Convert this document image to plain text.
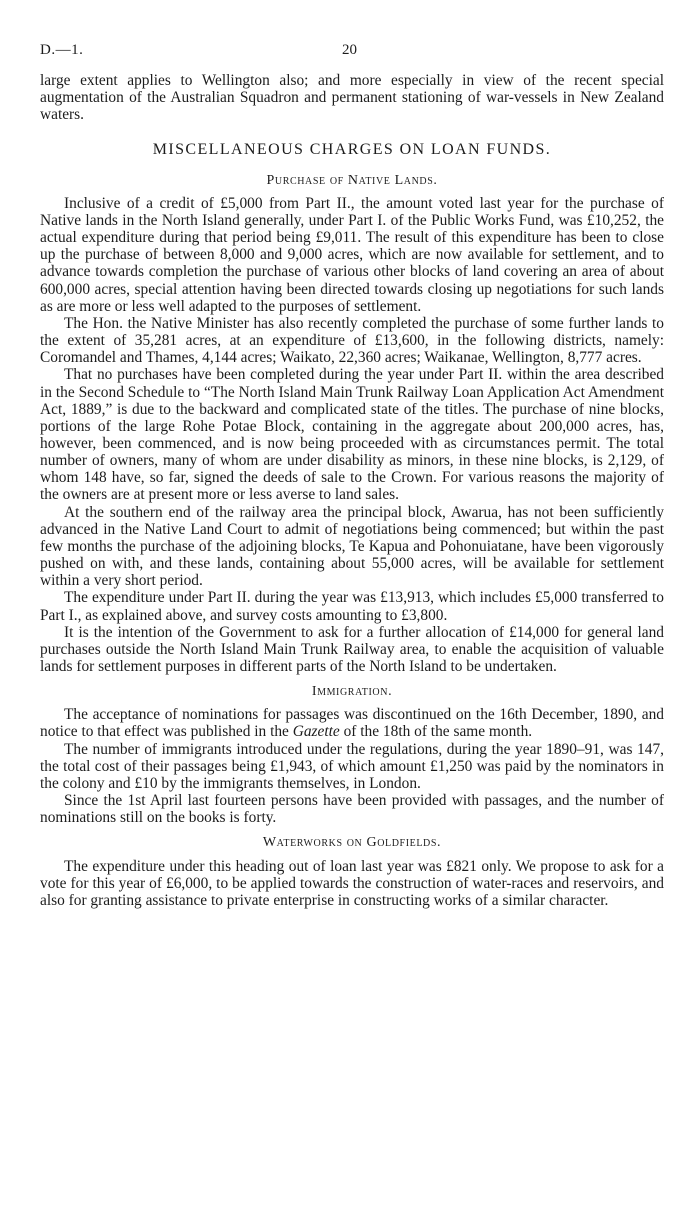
D.—1.	20

large extent applies to Wellington also; and more especially in view of the recent special augmentation of the Australian Squadron and permanent stationing of war-vessels in New Zealand waters.

MISCELLANEOUS CHARGES ON LOAN FUNDS.
Purchase of Native Lands.

Inclusive of a credit of £5,000 from Part II., the amount voted last year for the purchase of Native lands in the North Island generally, under Part I. of the Public Works Fund, was £10,252, the actual expenditure during that period being £9,011. The result of this expenditure has been to close up the purchase of between 8,000 and 9,000 acres, which are now available for settlement, and to advance towards completion the purchase of various other blocks of land covering an area of about 600,000 acres, special attention having been directed towards closing up negotiations for such lands as are more or less well adapted to the purposes of settlement.

The Hon. the Native Minister has also recently completed the purchase of some further lands to the extent of 35,281 acres, at an expenditure of £13,600, in the following districts, namely: Coromandel and Thames, 4,144 acres; Waikato, 22,360 acres; Waikanae, Wellington, 8,777 acres.

That no purchases have been completed during the year under Part II. within the area described in the Second Schedule to “The North Island Main Trunk Railway Loan Application Act Amendment Act, 1889,” is due to the backward and complicated state of the titles. The purchase of nine blocks, portions of the large Rohe Potae Block, containing in the aggregate about 200,000 acres, has, however, been commenced, and is now being proceeded with as circumstances permit. The total number of owners, many of whom are under disability as minors, in these nine blocks, is 2,129, of whom 148 have, so far, signed the deeds of sale to the Crown. For various reasons the majority of the owners are at present more or less averse to land sales.

At the southern end of the railway area the principal block, Awarua, has not been sufficiently advanced in the Native Land Court to admit of negotiations being commenced; but within the past few months the purchase of the adjoining blocks, Te Kapua and Pohonuiatane, have been vigorously pushed on with, and these lands, containing about 55,000 acres, will be available for settlement within a very short period.

The expenditure under Part II. during the year was £13,913, which includes £5,000 transferred to Part I., as explained above, and survey costs amounting to £3,800.

It is the intention of the Government to ask for a further allocation of £14,000 for general land purchases outside the North Island Main Trunk Railway area, to enable the acquisition of valuable lands for settlement purposes in different parts of the North Island to be undertaken.

Immigration.

The acceptance of nominations for passages was discontinued on the 16th December, 1890, and notice to that effect was published in the Gazette of the 18th of the same month.

The number of immigrants introduced under the regulations, during the year 1890–91, was 147, the total cost of their passages being £1,943, of which amount £1,250 was paid by the nominators in the colony and £10 by the immigrants themselves, in London.

Since the 1st April last fourteen persons have been provided with passages, and the number of nominations still on the books is forty.

Waterworks on Goldfields.

The expenditure under this heading out of loan last year was £821 only. We propose to ask for a vote for this year of £6,000, to be applied towards the construction of water-races and reservoirs, and also for granting assistance to private enterprise in constructing works of a similar character.
